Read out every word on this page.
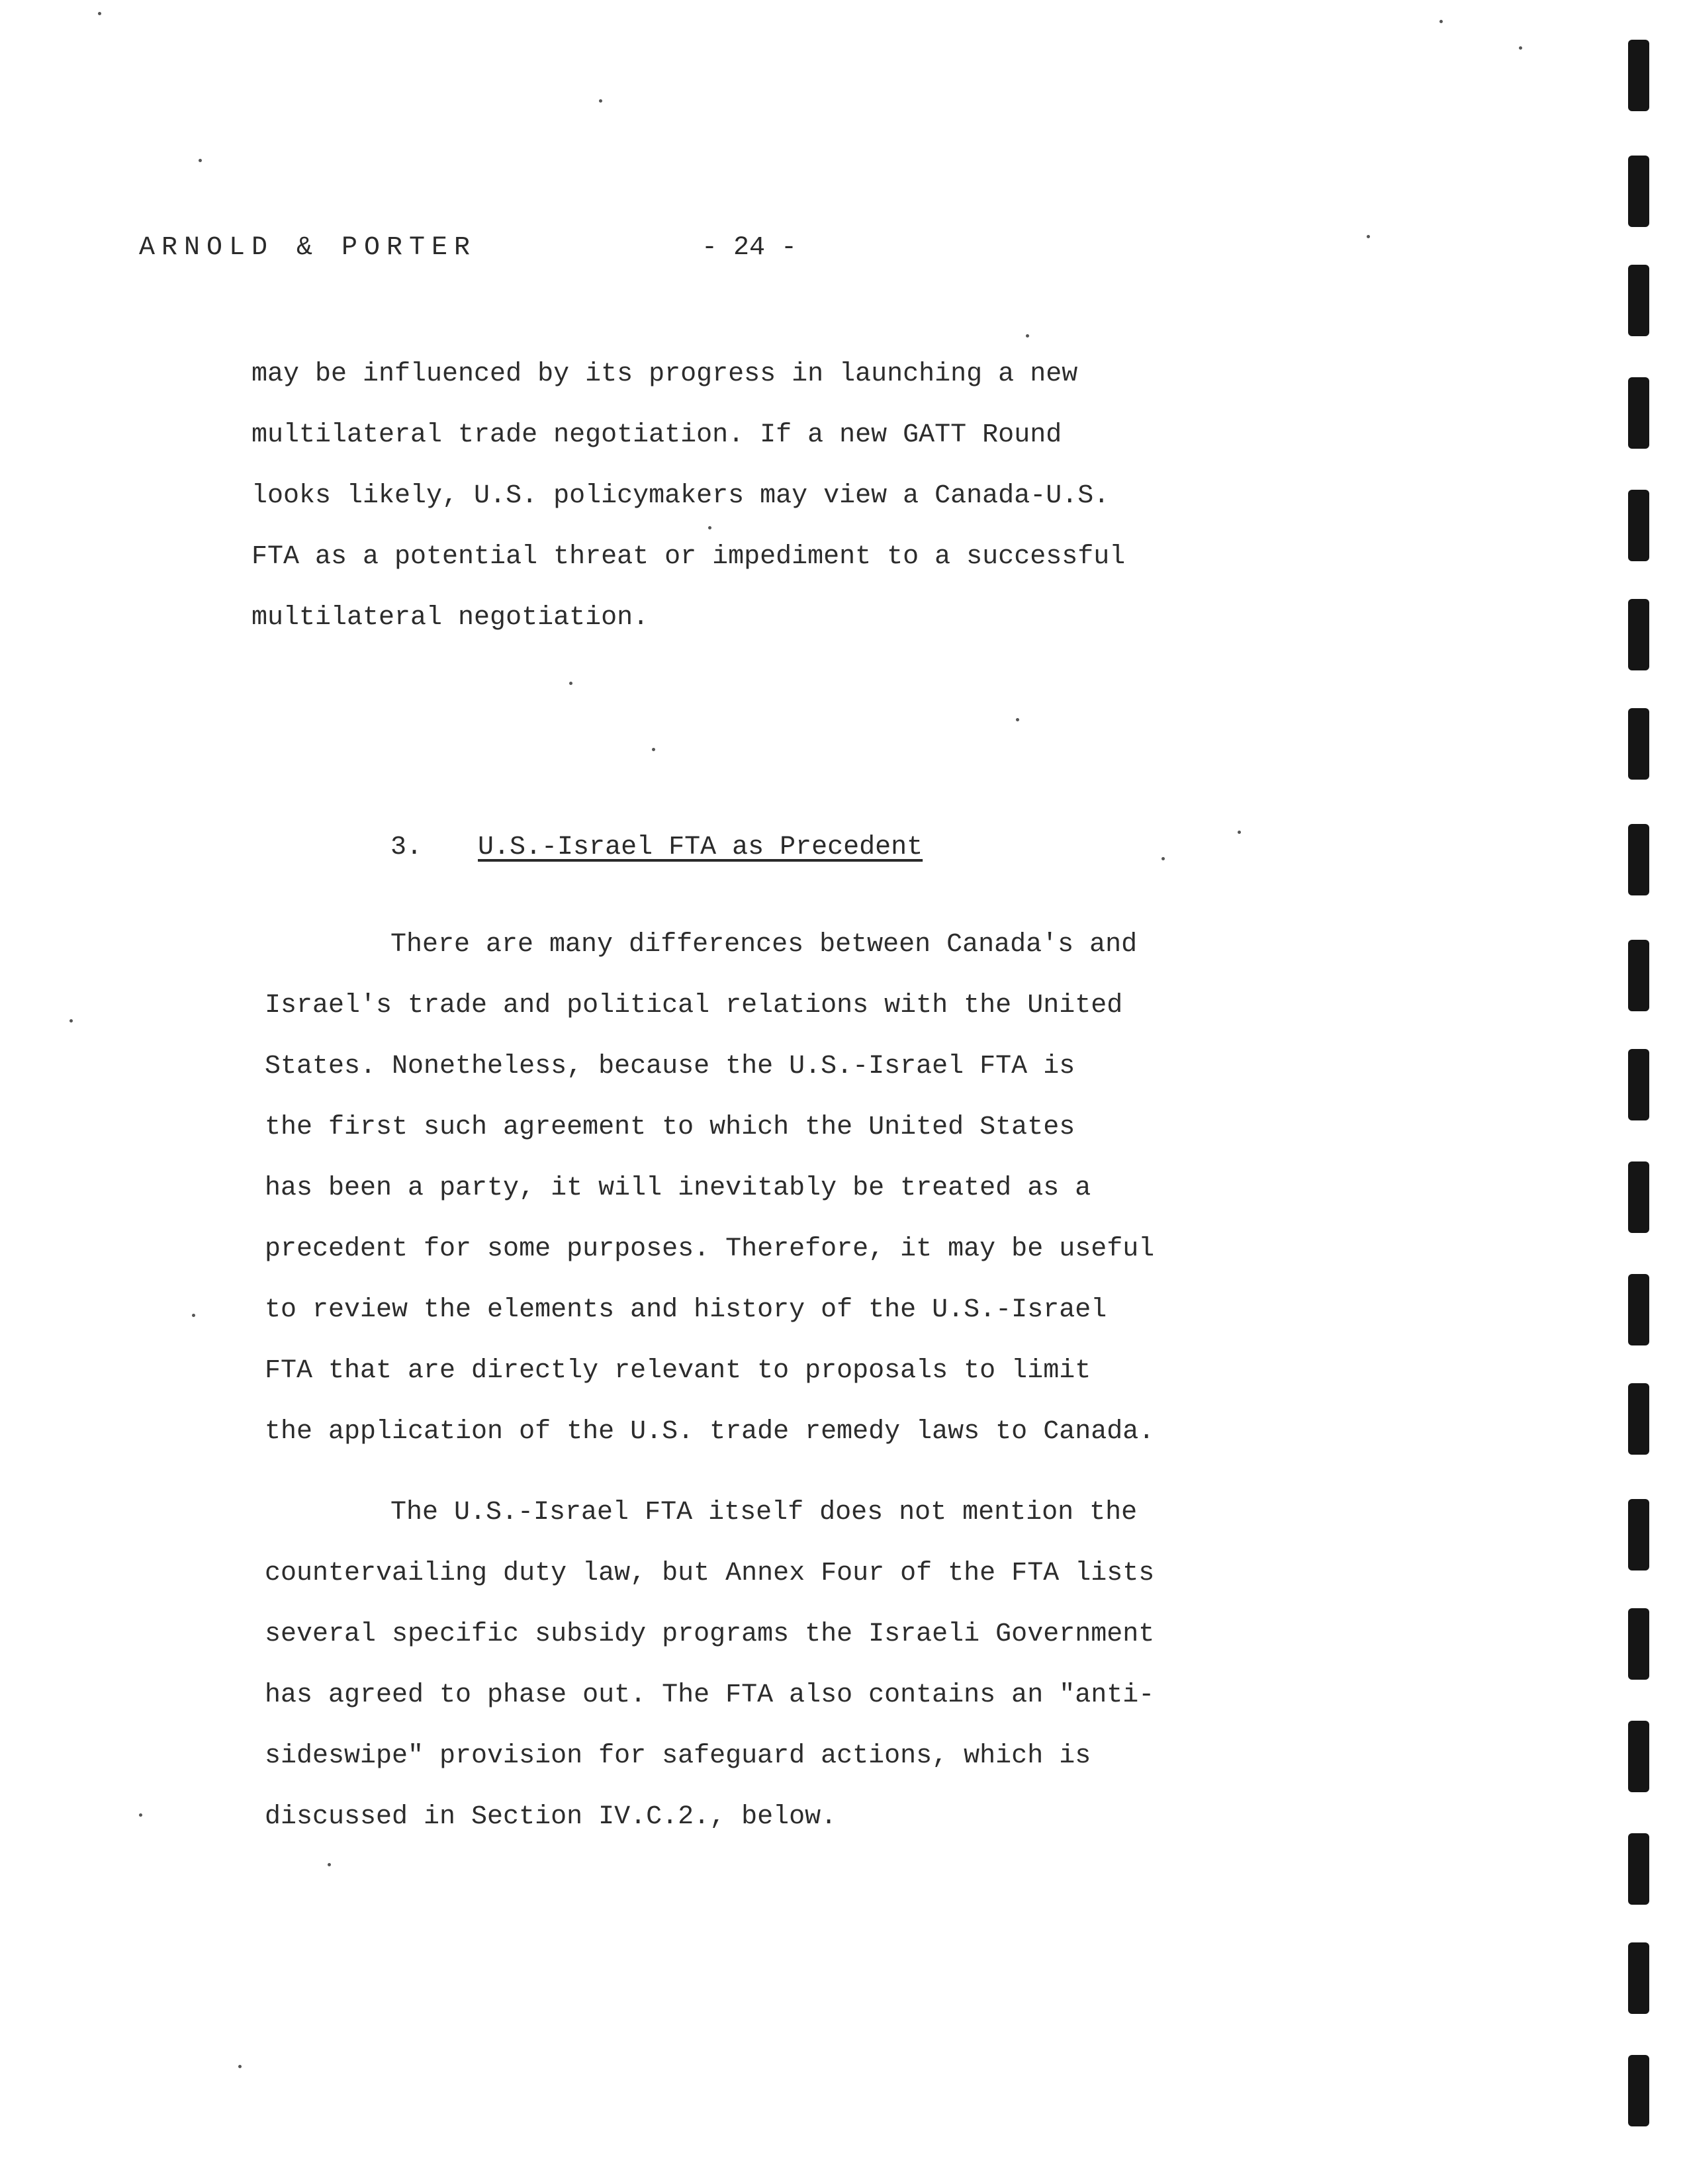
ARNOLD & PORTER	- 24 -
may be influenced by its progress in launching a new
multilateral trade negotiation. If a new GATT Round
looks likely, U.S. policymakers may view a Canada-U.S.
FTA as a potential threat or impediment to a successful
multilateral negotiation.
3. U.S.-Israel FTA as Precedent
There are many differences between Canada's and
Israel's trade and political relations with the United
States. Nonetheless, because the U.S.-Israel FTA is
the first such agreement to which the United States
has been a party, it will inevitably be treated as a
precedent for some purposes. Therefore, it may be useful
to review the elements and history of the U.S.-Israel
FTA that are directly relevant to proposals to limit
the application of the U.S. trade remedy laws to Canada.
The U.S.-Israel FTA itself does not mention the
countervailing duty law, but Annex Four of the FTA lists
several specific subsidy programs the Israeli Government
has agreed to phase out. The FTA also contains an "anti-
sideswipe" provision for safeguard actions, which is
discussed in Section IV.C.2., below.
